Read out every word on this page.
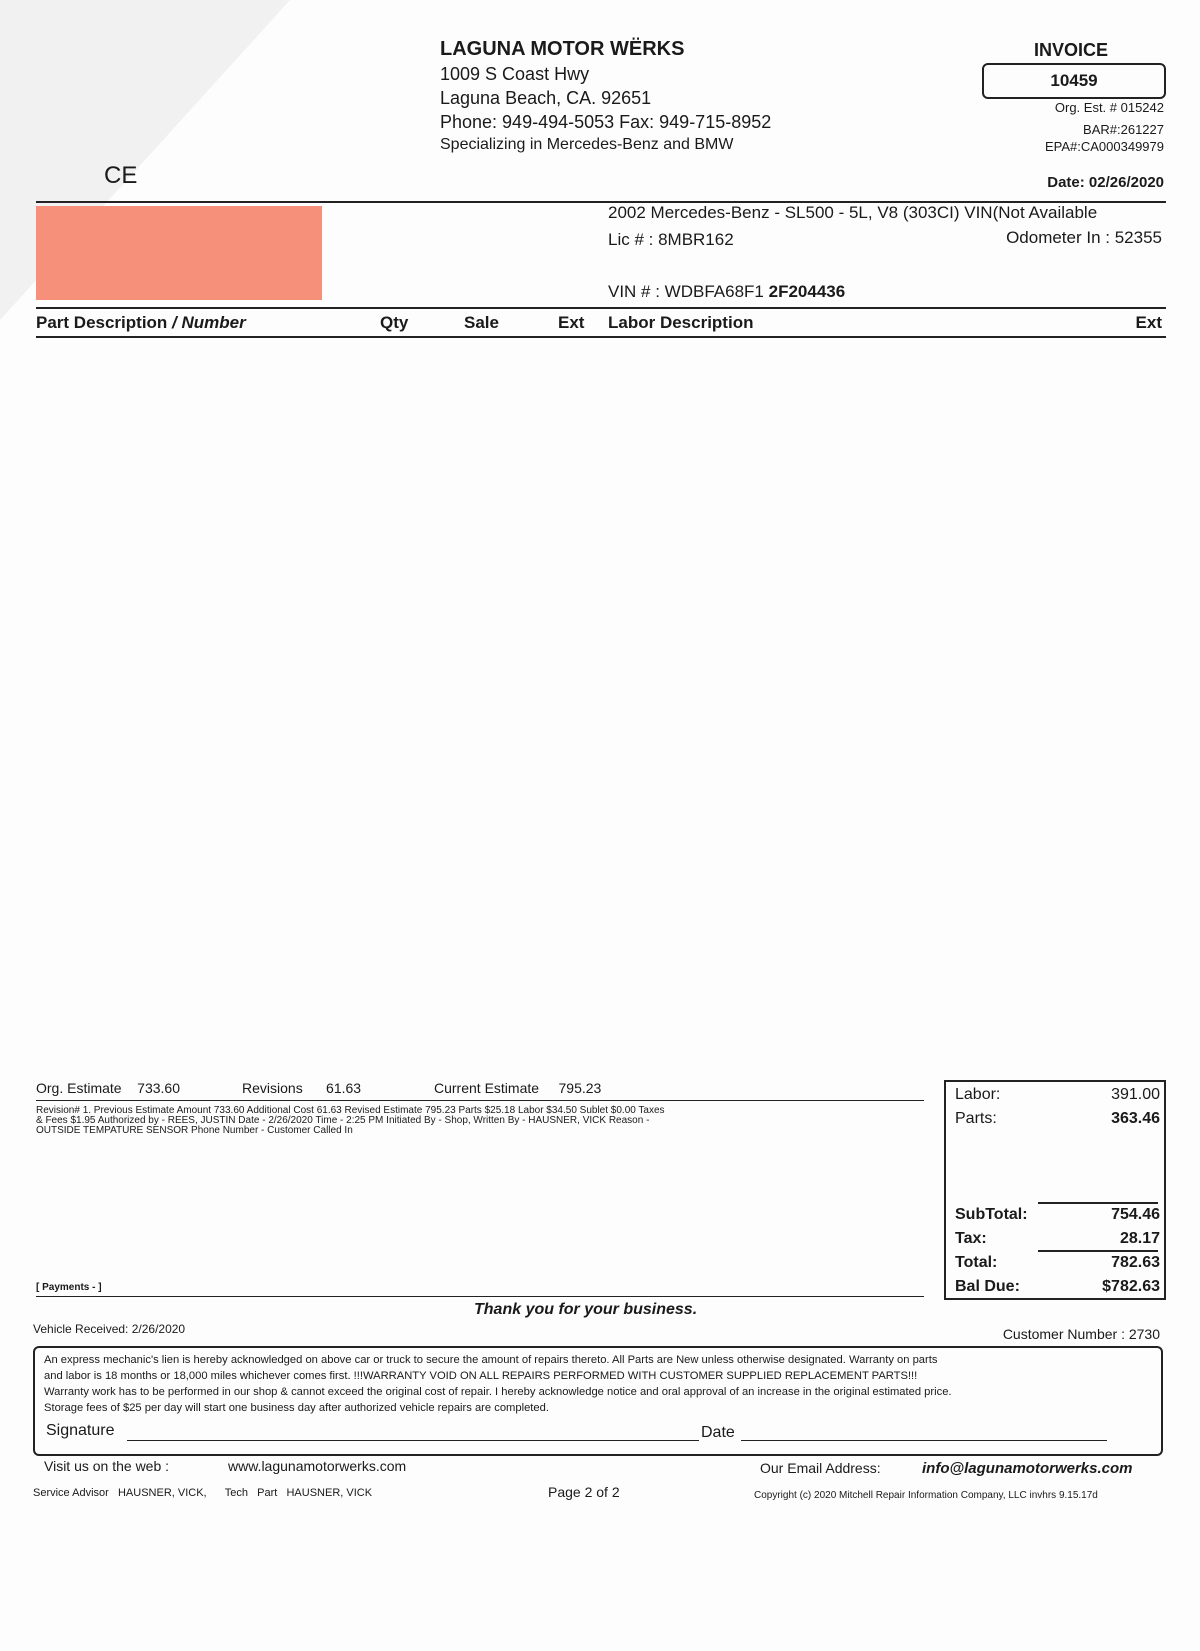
LAGUNA MOTOR WËRKS
1009 S Coast Hwy
Laguna Beach, CA. 92651
Phone: 949-494-5053 Fax: 949-715-8952
Specializing in Mercedes-Benz and BMW
CE
INVOICE
10459
Org. Est. # 015242
BAR#:261227
EPA#:CA000349979
Date: 02/26/2020
2002 Mercedes-Benz - SL500 - 5L, V8 (303CI) VIN(Not Available
Lic # : 8MBR162	Odometer In : 52355
VIN # : WDBFA68F1 2F204436
Part Description / Number	Qty	Sale	Ext Labor Description	Ext
Org. Estimate 733.60	Revisions 61.63	Current Estimate 795.23
Revision# 1. Previous Estimate Amount 733.60 Additional Cost 61.63 Revised Estimate 795.23 Parts $25.18 Labor $34.50 Sublet $0.00 Taxes
& Fees $1.95 Authorized by - REES, JUSTIN Date - 2/26/2020 Time - 2:25 PM Initiated By - Shop, Written By - HAUSNER, VICK Reason -
OUTSIDE TEMPATURE SENSOR Phone Number - Customer Called In
[ Payments - ]
Labor:	391.00
Parts:	363.46
SubTotal:	754.46
Tax:	28.17
Total:	782.63
Bal Due:	$782.63
Thank you for your business.
Vehicle Received: 2/26/2020	Customer Number : 2730
An express mechanic's lien is hereby acknowledged on above car or truck to secure the amount of repairs thereto. All Parts are New unless otherwise designated. Warranty on parts
and labor is 18 months or 18,000 miles whichever comes first. !!!WARRANTY VOID ON ALL REPAIRS PERFORMED WITH CUSTOMER SUPPLIED REPLACEMENT PARTS!!!
Warranty work has to be performed in our shop & cannot exceed the original cost of repair. I hereby acknowledge notice and oral approval of an increase in the original estimated price.
Storage fees of $25 per day will start one business day after authorized vehicle repairs are completed.
Signature	Date
Visit us on the web :	www.lagunamotorwerks.com	Our Email Address:	info@lagunamotorwerks.com
Service Advisor   HAUSNER, VICK,      Tech   Part   HAUSNER, VICK	Page 2 of 2	Copyright (c) 2020 Mitchell Repair Information Company, LLC invhrs 9.15.17d
